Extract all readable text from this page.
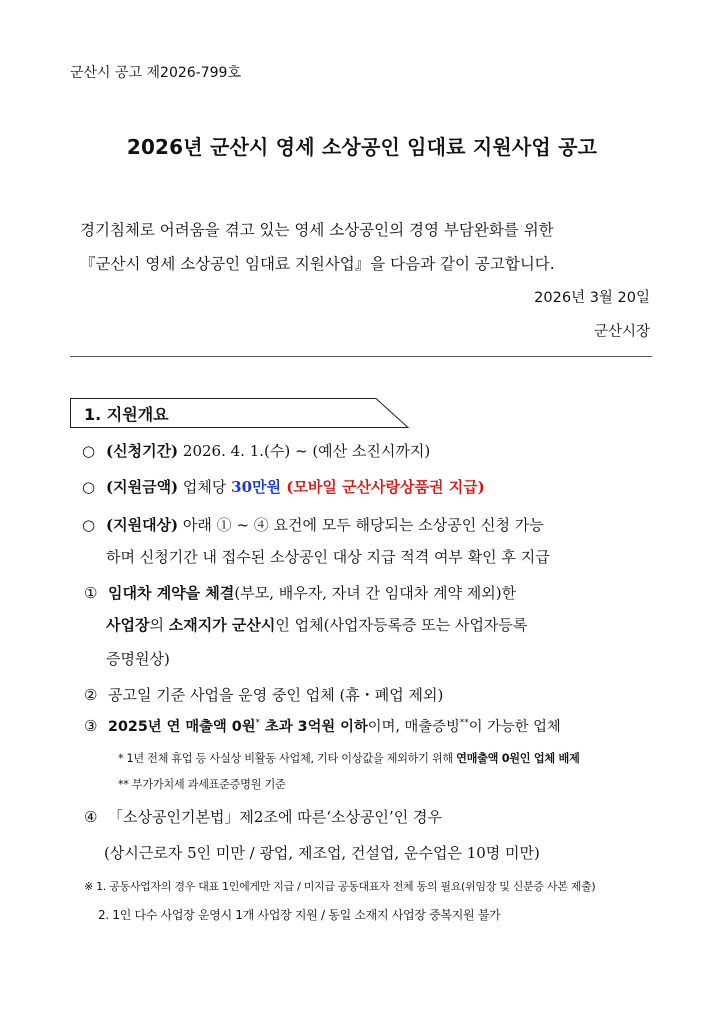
군산시 공고 제2026-799호
2026년 군산시 영세 소상공인 임대료 지원사업 공고
경기침체로 어려움을 겪고 있는 영세 소상공인의 경영 부담완화를 위한
『군산시 영세 소상공인 임대료 지원사업』을 다음과 같이 공고합니다.
2026년 3월 20일
군산시장
1. 지원개요
○ (신청기간) 2026. 4. 1.(수) ~ (예산 소진시까지)
○ (지원금액) 업체당 30만원 (모바일 군산사랑상품권 지급)
○ (지원대상) 아래 ① ~ ④ 요건에 모두 해당되는 소상공인 신청 가능
하며 신청기간 내 접수된 소상공인 대상 지급 적격 여부 확인 후 지급
① 임대차 계약을 체결(부모, 배우자, 자녀 간 임대차 계약 제외)한
사업장의 소재지가 군산시인 업체(사업자등록증 또는 사업자등록
증명원상)
② 공고일 기준 사업을 운영 중인 업체 (휴・폐업 제외)
③ 2025년 연 매출액 0원* 초과 3억원 이하이며, 매출증빙**이 가능한 업체
* 1년 전체 휴업 등 사실상 비활동 사업체, 기타 이상값을 제외하기 위해 연매출액 0원인 업체 배제
** 부가가치세 과세표준증명원 기준
④ 「소상공인기본법」제2조에 따른‘소상공인’인 경우
(상시근로자 5인 미만 / 광업, 제조업, 건설업, 운수업은 10명 미만)
※ 1. 공동사업자의 경우 대표 1인에게만 지급 / 미지급 공동대표자 전체 동의 필요(위임장 및 신분증 사본 제출)
2. 1인 다수 사업장 운영시 1개 사업장 지원 / 동일 소재지 사업장 중복지원 불가
